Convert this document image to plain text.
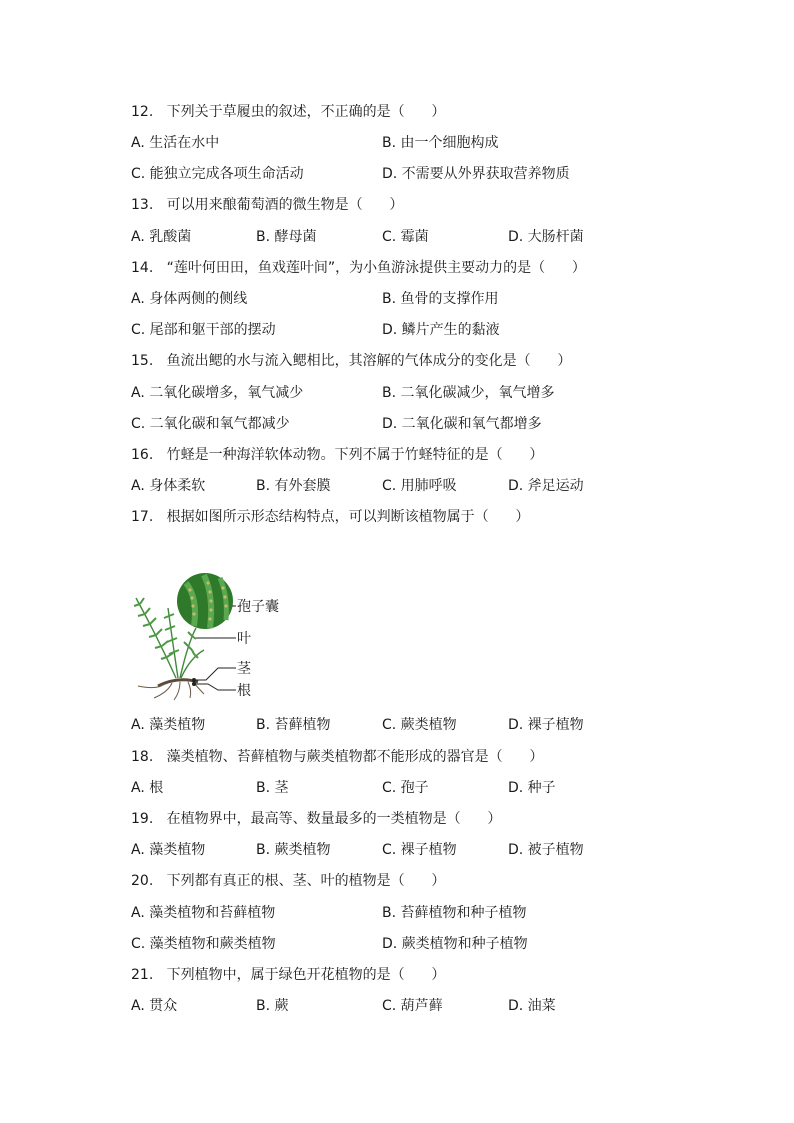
12.   下列关于草履虫的叙述，不正确的是（      ）
A. 生活在水中	B. 由一个细胞构成
C. 能独立完成各项生命活动	D. 不需要从外界获取营养物质
13.   可以用来酿葡萄酒的微生物是（      ）
A. 乳酸菌	B. 酵母菌	C. 霉菌	D. 大肠杆菌
14.   “莲叶何田田，鱼戏莲叶间”，为小鱼游泳提供主要动力的是（      ）
A. 身体两侧的侧线	B. 鱼骨的支撑作用
C. 尾部和躯干部的摆动	D. 鳞片产生的黏液
15.   鱼流出鳃的水与流入鳃相比，其溶解的气体成分的变化是（      ）
A. 二氧化碳增多，氧气减少	B. 二氧化碳减少，氧气增多
C. 二氧化碳和氧气都减少	D. 二氧化碳和氧气都增多
16.   竹蛏是一种海洋软体动物。下列不属于竹蛏特征的是（      ）
A. 身体柔软	B. 有外套膜	C. 用肺呼吸	D. 斧足运动
17.   根据如图所示形态结构特点，可以判断该植物属于（      ）
孢子囊
叶
茎
根
A. 藻类植物	B. 苔藓植物	C. 蕨类植物	D. 裸子植物
18.   藻类植物、苔藓植物与蕨类植物都不能形成的器官是（      ）
A. 根	B. 茎	C. 孢子	D. 种子
19.   在植物界中，最高等、数量最多的一类植物是（      ）
A. 藻类植物	B. 蕨类植物	C. 裸子植物	D. 被子植物
20.   下列都有真正的根、茎、叶的植物是（      ）
A. 藻类植物和苔藓植物	B. 苔藓植物和种子植物
C. 藻类植物和蕨类植物	D. 蕨类植物和种子植物
21.   下列植物中，属于绿色开花植物的是（      ）
A. 贯众	B. 蕨	C. 葫芦藓	D. 油菜
